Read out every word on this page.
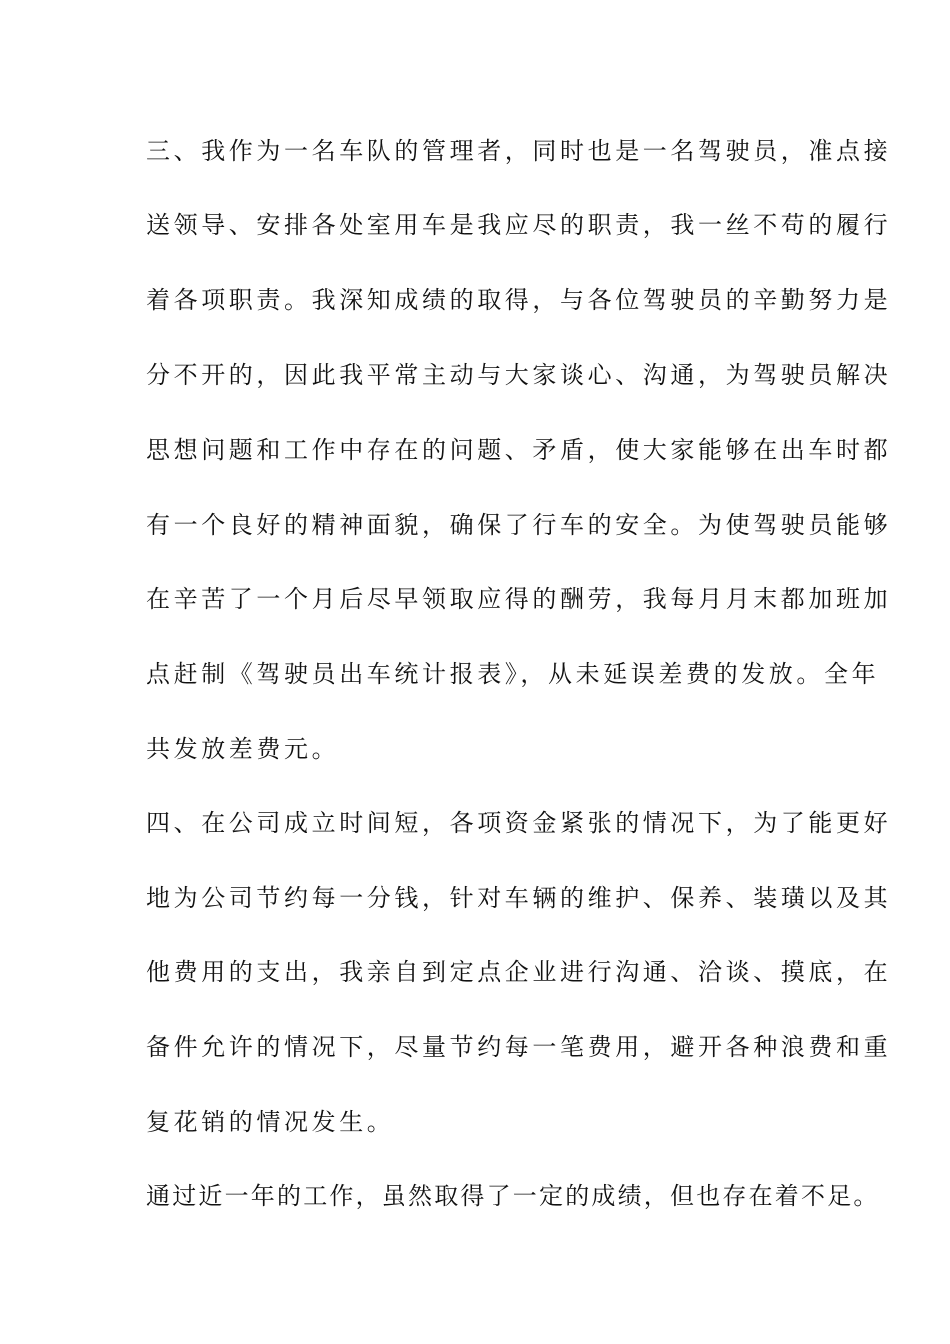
三、我作为一名车队的管理者，同时也是一名驾驶员，准点接
送领导、安排各处室用车是我应尽的职责，我一丝不苟的履行
着各项职责。我深知成绩的取得，与各位驾驶员的辛勤努力是
分不开的，因此我平常主动与大家谈心、沟通，为驾驶员解决
思想问题和工作中存在的问题、矛盾，使大家能够在出车时都
有一个良好的精神面貌，确保了行车的安全。为使驾驶员能够
在辛苦了一个月后尽早领取应得的酬劳，我每月月末都加班加
点赶制《驾驶员出车统计报表》，从未延误差费的发放。全年
共发放差费元。
四、在公司成立时间短，各项资金紧张的情况下，为了能更好
地为公司节约每一分钱，针对车辆的维护、保养、装璜以及其
他费用的支出，我亲自到定点企业进行沟通、洽谈、摸底，在
备件允许的情况下，尽量节约每一笔费用，避开各种浪费和重
复花销的情况发生。
通过近一年的工作，虽然取得了一定的成绩，但也存在着不足。
